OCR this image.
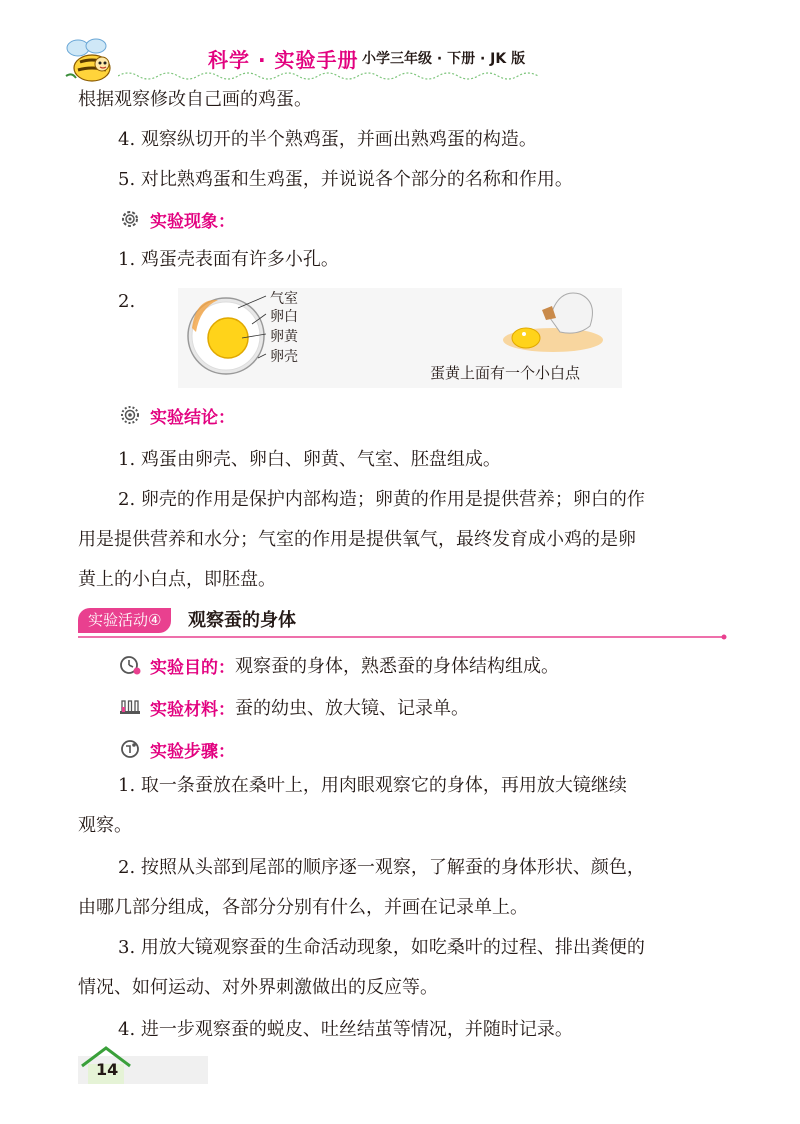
科学 · 实验手册 小学三年级 · 下册 · JK 版
根据观察修改自己画的鸡蛋。
4. 观察纵切开的半个熟鸡蛋，并画出熟鸡蛋的构造。
5. 对比熟鸡蛋和生鸡蛋，并说说各个部分的名称和作用。
实验现象：
1. 鸡蛋壳表面有许多小孔。
2.	气室
卵白
卵黄
卵壳
蛋黄上面有一个小白点
实验结论：
1. 鸡蛋由卵壳、卵白、卵黄、气室、胚盘组成。
2. 卵壳的作用是保护内部构造；卵黄的作用是提供营养；卵白的作
用是提供营养和水分；气室的作用是提供氧气，最终发育成小鸡的是卵
黄上的小白点，即胚盘。
实验活动④	观察蚕的身体
实验目的： 观察蚕的身体，熟悉蚕的身体结构组成。
实验材料： 蚕的幼虫、放大镜、记录单。
实验步骤：
1. 取一条蚕放在桑叶上，用肉眼观察它的身体，再用放大镜继续
观察。
2. 按照从头部到尾部的顺序逐一观察，了解蚕的身体形状、颜色，
由哪几部分组成，各部分分别有什么，并画在记录单上。
3. 用放大镜观察蚕的生命活动现象，如吃桑叶的过程、排出粪便的
情况、如何运动、对外界刺激做出的反应等。
4. 进一步观察蚕的蜕皮、吐丝结茧等情况，并随时记录。
14
